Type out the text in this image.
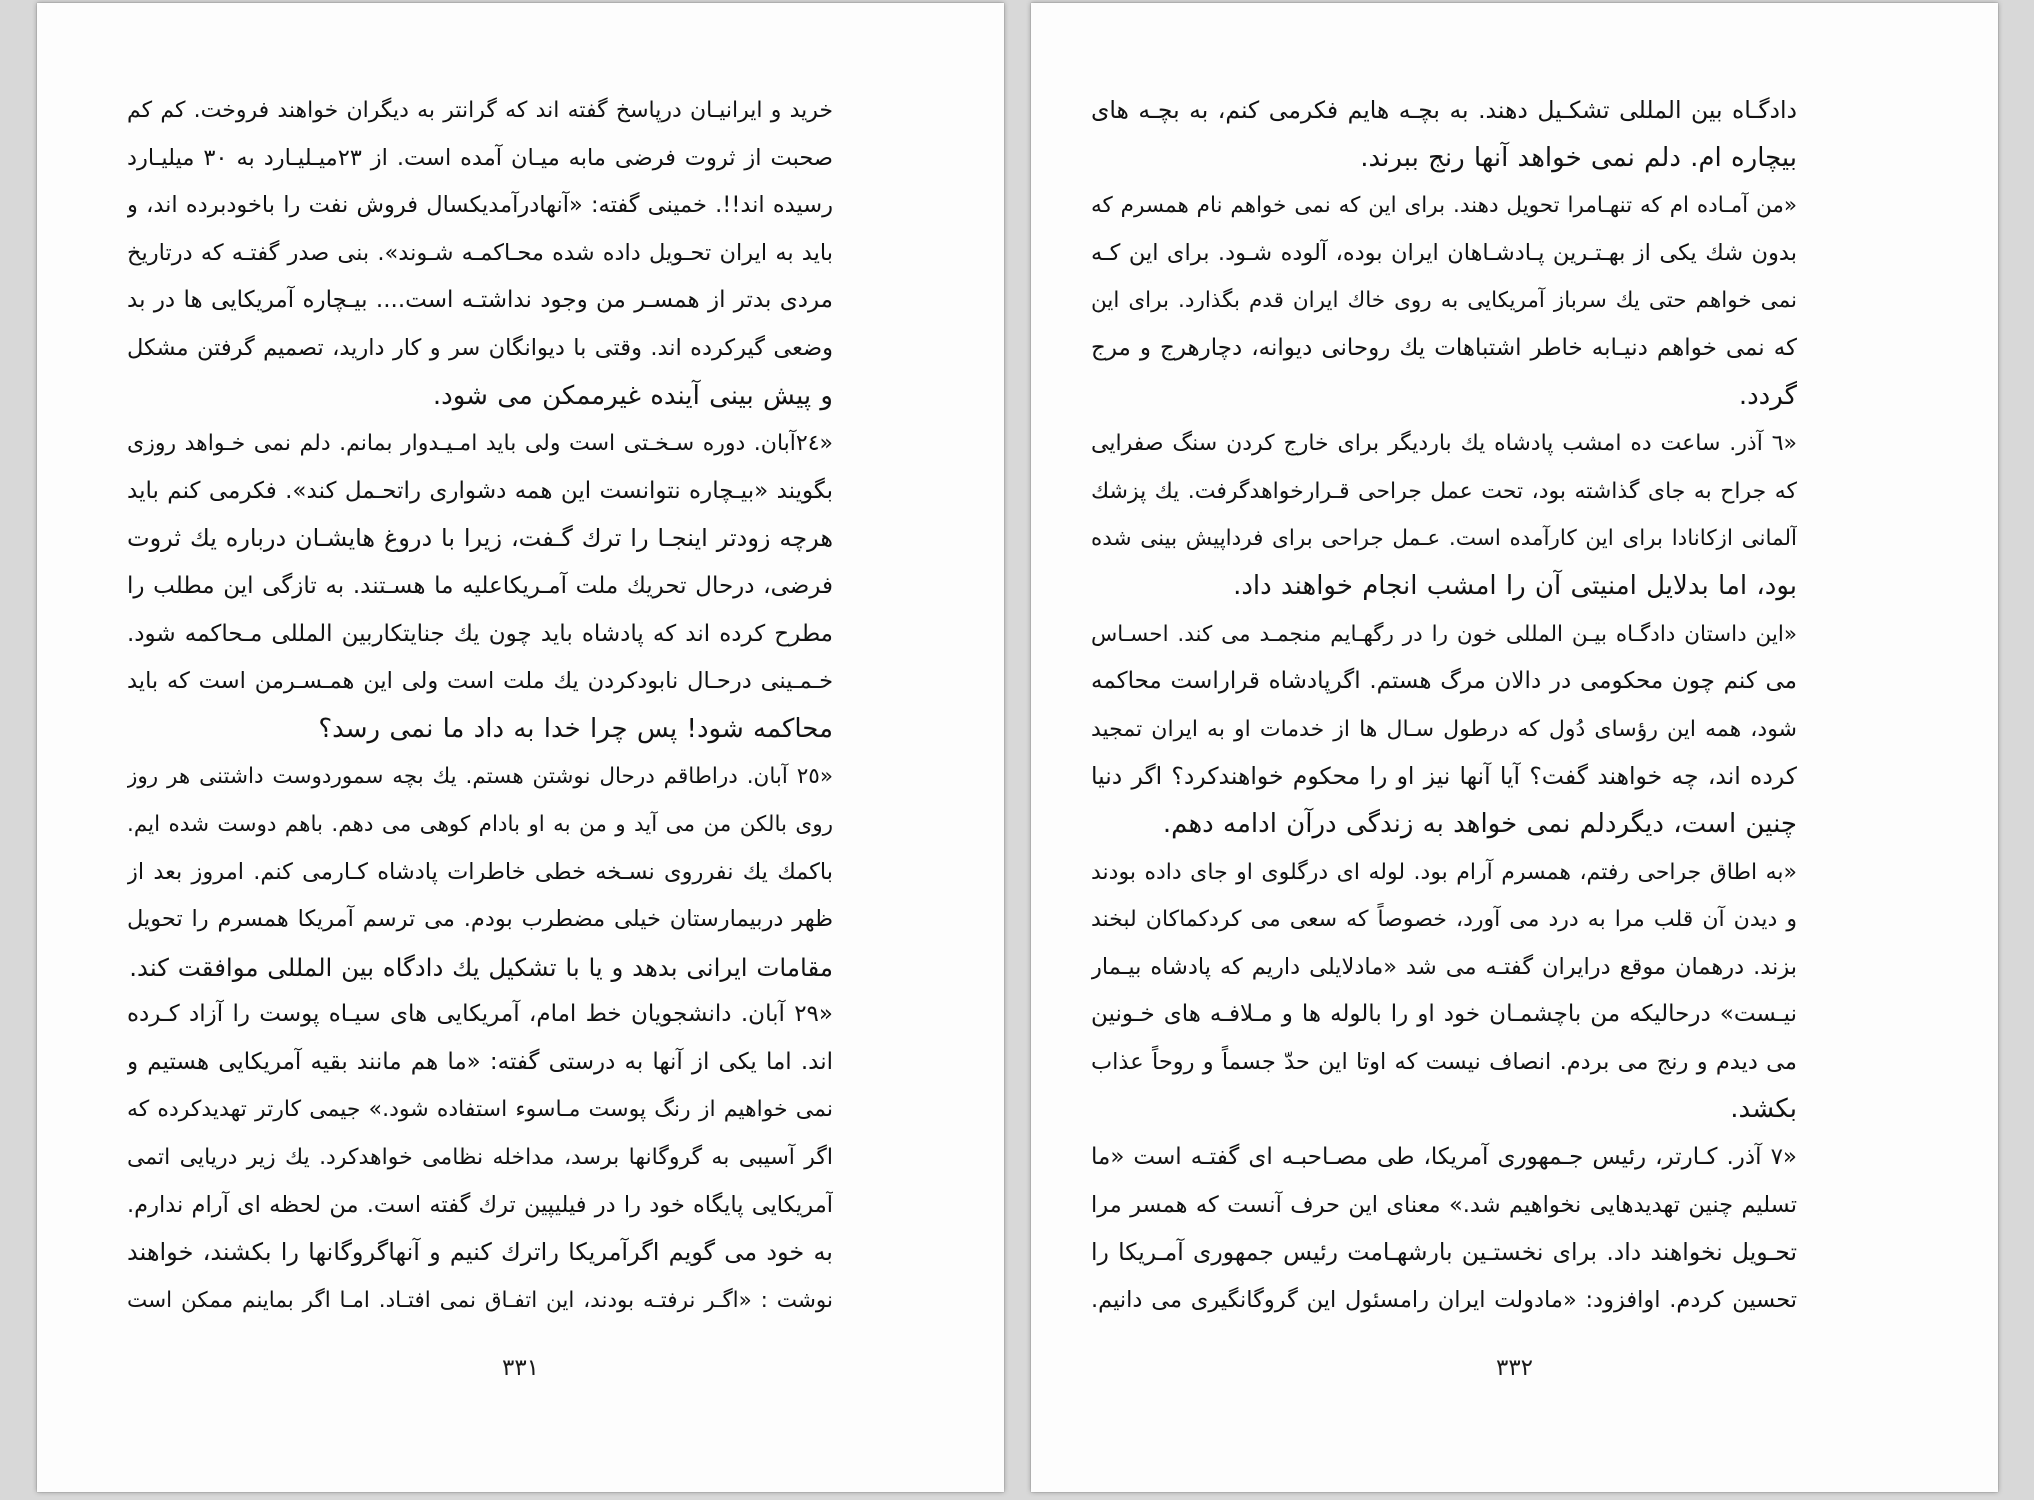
خرید و ایرانیـان درپاسخ گفته اند كه گرانتر به دیگران خواهند فروخت. كم كم
صحبت از ثروت فرضی مابه میـان آمده است. از ۲۳میـلیـارد به ۳۰ میلیـارد
رسیده اند!!. خمینی گفته: «آنهادرآمدیكسال فروش نفت را باخودبرده اند، و
باید به ایران تحـویل داده شده محـاكمـه شـوند». بنی صدر گفتـه كه درتاریخ
مردی بدتر از همسـر من وجود نداشتـه است.... بیـچاره آمریكایی ها در بد
وضعی گیركرده اند. وقتی با دیوانگان سر و كار دارید، تصمیم گرفتن مشكل
و پیش بینی آینده غیرممكن می شود.
«۲٤آبان. دوره سـخـتی است ولی باید امـیـدوار بمانم. دلم نمی خـواهد روزی
بگویند «بیـچاره نتوانست این همه دشواری راتحـمل كند». فكرمی كنم باید
هرچه زودتر اینجـا را ترك گـفت، زیرا با دروغ هایشـان درباره یك ثروت
فرضی، درحال تحریك ملت آمـریكاعلیه ما هسـتند. به تازگی این مطلب را
مطرح كرده اند كه پادشاه باید چون یك جنایتكاربین المللی مـحاكمه شود.
خـمـینی درحـال نابودكردن یك ملت است ولی این همـسـرمن است كه باید
محاكمه شود! پس چرا خدا به داد ما نمی رسد؟
«۲٥ آبان. دراطاقم درحال نوشتن هستم. یك بچه سموردوست داشتنی هر روز
روی بالكن من می آید و من به او بادام كوهی می دهم. باهم دوست شده ایم.
باكمك یك نفرروی نسـخه خطی خاطرات پادشاه كـارمی كنم. امروز بعد از
ظهر دربیمارستان خیلی مضطرب بودم. می ترسم آمریكا همسرم را تحویل
مقامات ایرانی بدهد و یا با تشكیل یك دادگاه بین المللی موافقت كند.
«۲۹ آبان. دانشجویان خط امام، آمریكایی های سیـاه پوست را آزاد كـرده
اند. اما یكی از آنها به درستی گفته: «ما هم مانند بقیه آمریكایی هستیم و
نمی خواهیم از رنگ پوست مـاسوء استفاده شود.» جیمی كارتر تهدیدكرده كه
اگر آسیبی به گروگانها برسد، مداخله نظامی خواهدكرد. یك زیر دریایی اتمی
آمریكایی پایگاه خود را در فیلیپین ترك گفته است. من لحظه ای آرام ندارم.
به خود می گویم اگرآمریكا راترك كنیم و آنهاگروگانها را بكشند، خواهند
نوشت : «اگـر نرفتـه بودند، این اتفـاق نمی افتـاد. امـا اگر بماینم ممكن است
۳۳۱
دادگـاه بین المللی تشكـیل دهند. به بچـه هایم فكرمی كنم، به بچـه های
بیچاره ام. دلم نمی خواهد آنها رنج ببرند.
«من آمـاده ام كه تنهـامرا تحویل دهند. برای این كه نمی خواهم نام همسرم كه
بدون شك یكی از بهـتـرین پـادشـاهان ایران بوده، آلوده شـود. برای این كـه
نمی خواهم حتی یك سرباز آمریكایی به روی خاك ایران قدم بگذارد. برای این
كه نمی خواهم دنیـابه خاطر اشتباهات یك روحانی دیوانه، دچارهرج و مرج
گردد.
«٦ آذر. ساعت ده امشب پادشاه یك باردیگر برای خارج كردن سنگ صفرایی
كه جراح به جای گذاشته بود، تحت عمل جراحی قـرارخواهدگرفت. یك پزشك
آلمانی ازكانادا برای این كارآمده است. عـمل جراحی برای فرداپیش بینی شده
بود، اما بدلایل امنیتی آن را امشب انجام خواهند داد.
«این داستان دادگـاه بیـن المللی خون را در رگهـایم منجمـد می كند. احسـاس
می كنم چون محكومی در دالان مرگ هستم. اگرپادشاه قراراست محاكمه
شود، همه این رؤسای دُول كه درطول سـال ها از خدمات او به ایران تمجید
كرده اند، چه خواهند گفت؟ آیا آنها نیز او را محكوم خواهندكرد؟ اگر دنیا
چنین است، دیگردلم نمی خواهد به زندگی درآن ادامه دهم.
«به اطاق جراحی رفتم، همسرم آرام بود. لوله ای درگلوی او جای داده بودند
و دیدن آن قلب مرا به درد می آورد، خصوصاً كه سعی می كردكماكان لبخند
بزند. درهمان موقع درایران گفتـه می شد «مادلایلی داریم كه پادشاه بیـمار
نیـست» درحالیكه من باچشمـان خود او را بالوله ها و مـلافـه های خـونین
می دیدم و رنج می بردم. انصاف نیست كه اوتا این حدّ جسماً و روحاً عذاب
بكشد.
«۷ آذر. كـارتر، رئیس جـمهوری آمریكا، طی مصـاحبـه ای گفتـه است «ما
تسلیم چنین تهدیدهایی نخواهیم شد.» معنای این حرف آنست كه همسر مرا
تحـویل نخواهند داد. برای نخستـین بارشهـامت رئیس جمهوری آمـریكا را
تحسین كردم. اوافزود: «مادولت ایران رامسئول این گروگانگیری می دانیم.
۳۳۲
